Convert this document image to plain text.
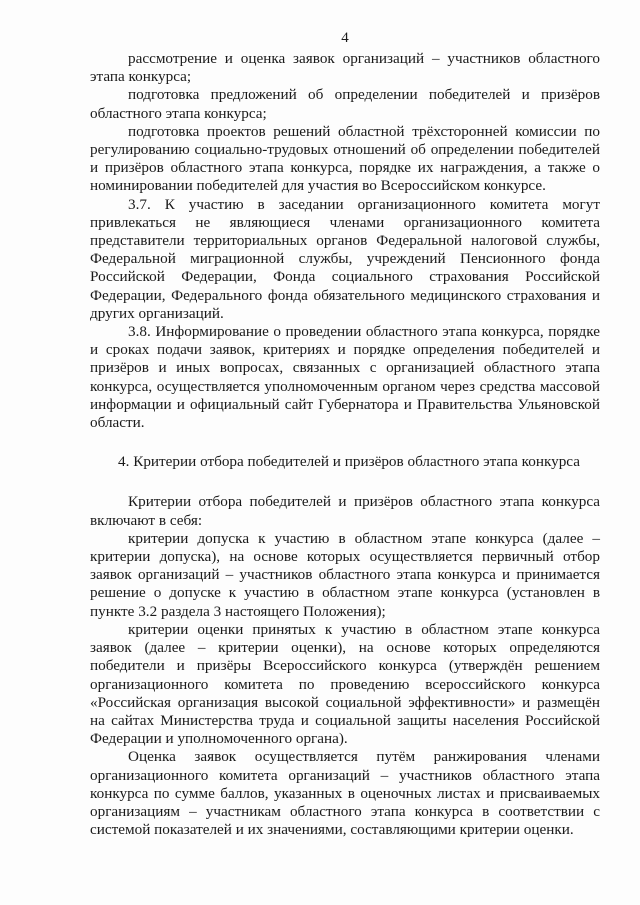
4

рассмотрение и оценка заявок организаций – участников областного этапа конкурса;

подготовка предложений об определении победителей и призёров областного этапа конкурса;

подготовка проектов решений областной трёхсторонней комиссии по регулированию социально-трудовых отношений об определении победителей и призёров областного этапа конкурса, порядке их награждения, а также о номинировании победителей для участия во Всероссийском конкурсе.

3.7. К участию в заседании организационного комитета могут привлекаться не являющиеся членами организационного комитета представители территориальных органов Федеральной налоговой службы, Федеральной миграционной службы, учреждений Пенсионного фонда Российской Федерации, Фонда социального страхования Российской Федерации, Федерального фонда обязательного медицинского страхования и других организаций.

3.8. Информирование о проведении областного этапа конкурса, порядке и сроках подачи заявок, критериях и порядке определения победителей и призёров и иных вопросах, связанных с организацией областного этапа конкурса, осуществляется уполномоченным органом через средства массовой информации и официальный сайт Губернатора и Правительства Ульяновской области.

4. Критерии отбора победителей и призёров областного этапа конкурса

Критерии отбора победителей и призёров областного этапа конкурса включают в себя:

критерии допуска к участию в областном этапе конкурса (далее – критерии допуска), на основе которых осуществляется первичный отбор заявок организаций – участников областного этапа конкурса и принимается решение о допуске к участию в областном этапе конкурса (установлен в пункте 3.2 раздела 3 настоящего Положения);

критерии оценки принятых к участию в областном этапе конкурса заявок (далее – критерии оценки), на основе которых определяются победители и призёры Всероссийского конкурса (утверждён решением организационного комитета по проведению всероссийского конкурса «Российская организация высокой социальной эффективности» и размещён на сайтах Министерства труда и социальной защиты населения Российской Федерации и уполномоченного органа).

Оценка заявок осуществляется путём ранжирования членами организационного комитета организаций – участников областного этапа конкурса по сумме баллов, указанных в оценочных листах и присваиваемых организациям – участникам областного этапа конкурса в соответствии с системой показателей и их значениями, составляющими критерии оценки.
